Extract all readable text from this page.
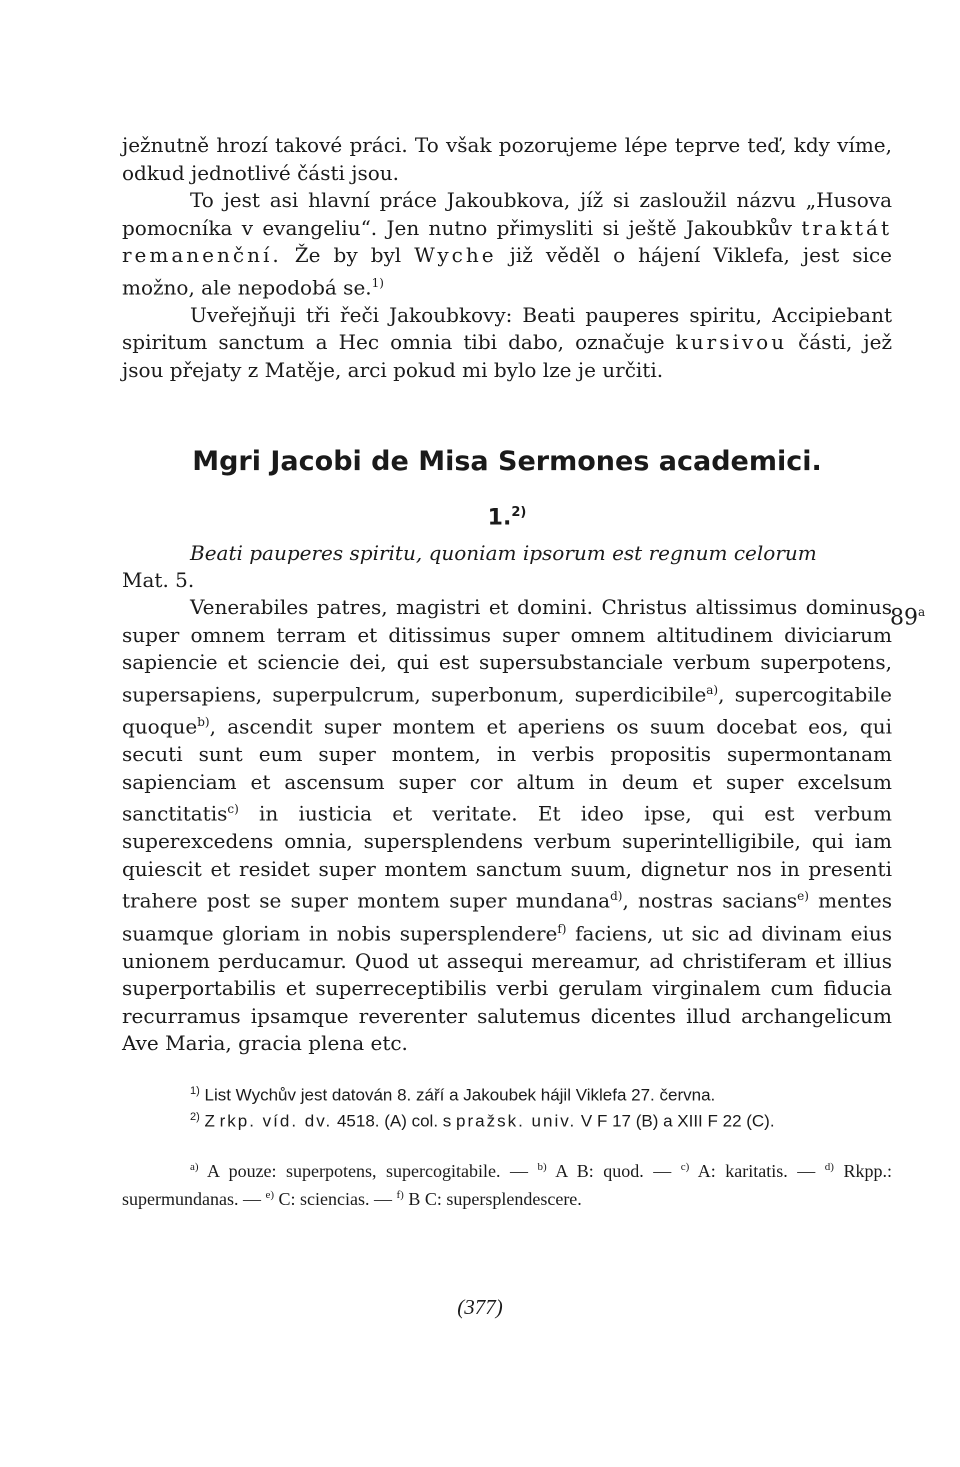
ježnutně hrozí takové práci. To však pozorujeme lépe teprve teď, kdy víme, odkud jednotlivé části jsou.

To jest asi hlavní práce Jakoubkova, jíž si zasloužil názvu „Husova pomocníka v evangeliu“. Jen nutno přimysliti si ještě Jakoubkův traktát remanenční. Že by byl Wyche již věděl o hájení Viklefa, jest sice možno, ale nepodobá se.$^{1)}$

Uveřejňuji tři řeči Jakoubkovy: Beati pauperes spiritu, Accipiebant spiritum sanctum a Hec omnia tibi dabo, označuje kursivou části, jež jsou přejaty z Matěje, arci pokud mi bylo lze je určiti.

Mgri Jacobi de Misa Sermones academici.
1.$^{2)}$
Beati pauperes spiritu, quoniam ipsorum est regnum celorum
Mat. 5.

Venerabiles patres, magistri et domini. Christus altissimus dominus super omnem terram et ditissimus super omnem altitudinem diviciarum sapiencie et sciencie dei, qui est supersubstanciale verbum superpotens, supersapiens, superpulcrum, superbonum, superdicibile$^{a)}$, supercogitabile quoque$^{b)}$, ascendit super montem et aperiens os suum docebat eos, qui secuti sunt eum super montem, in verbis propositis supermontanam sapienciam et ascensum super cor altum in deum et super excelsum sanctitatis$^{c)}$ in iusticia et veritate. Et ideo ipse, qui est verbum superexcedens omnia, supersplendens verbum superintelligibile, qui iam quiescit et residet super montem sanctum suum, dignetur nos in presenti trahere post se super montem super mundana$^{d)}$, nostras sacians$^{e)}$ mentes suamque gloriam in nobis supersplendere$^{f)}$ faciens, ut sic ad divinam eius unionem perducamur. Quod ut assequi mereamur, ad christiferam et illius superportabilis et superreceptibilis verbi gerulam virginalem cum fiducia recurramus ipsamque reverenter salutemus dicentes illud archangelicum Ave Maria, gracia plena etc.

$^{1)}$ List Wychův jest datován 8. září a Jakoubek hájil Viklefa 27. června.

$^{2)}$ Z rkp. víd. dv. 4518. (A) col. s pražsk. univ. V F 17 (B) a XIII F 22 (C).

$^{a)}$ A pouze: superpotens, supercogitabile. — $^{b)}$ A B: quod. — $^{c)}$ A: karitatis. — $^{d)}$ Rkpp.: supermundanas. — $^{e)}$ C: sciencias. — $^{f)}$ B C: supersplendescere.

89$^a$
(377)
